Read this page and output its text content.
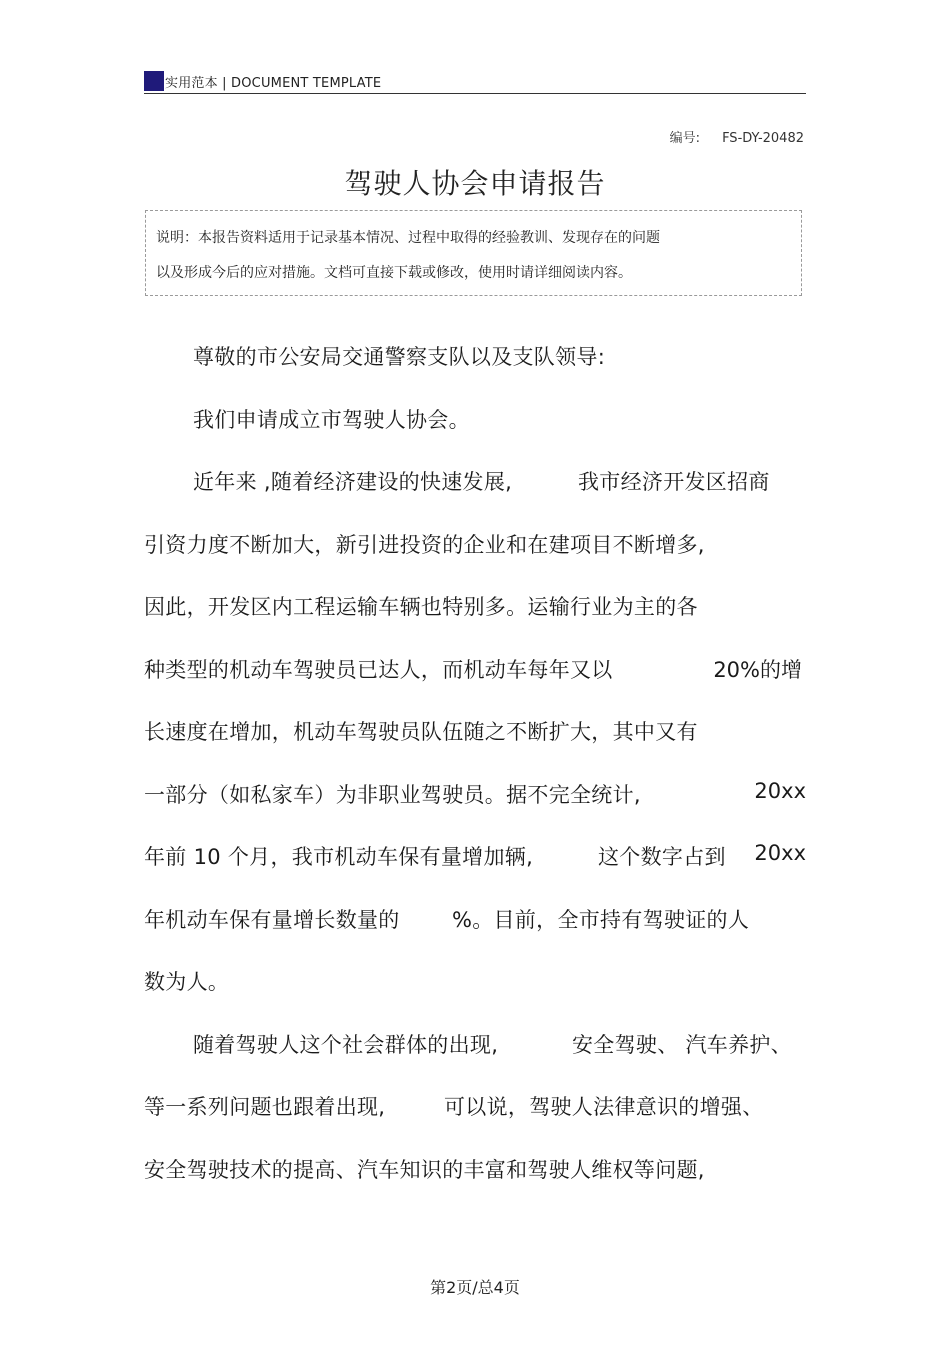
实用范本 | DOCUMENT TEMPLATE
编号: FS-DY-20482
驾驶人协会申请报告
说明：本报告资料适用于记录基本情况、过程中取得的经验教训、发现存在的问题
以及形成今后的应对措施。文档可直接下载或修改，使用时请详细阅读内容。
尊敬的市公安局交通警察支队以及支队领导:
我们申请成立市驾驶人协会。
近年来 ,随着经济建设的快速发展,	我市经济开发区招商
引资力度不断加大，新引进投资的企业和在建项目不断增多,
因此，开发区内工程运输车辆也特别多。运输行业为主的各
种类型的机动车驾驶员已达人，而机动车每年又以	20%的增
长速度在增加，机动车驾驶员队伍随之不断扩大，其中又有
一部分（如私家车）为非职业驾驶员。据不完全统计,	20xx
年前 10 个月，我市机动车保有量增加辆,	这个数字占到 20xx
年机动车保有量增长数量的 %。目前，全市持有驾驶证的人
数为人。
随着驾驶人这个社会群体的出现,	安全驾驶、 汽车养护、
等一系列问题也跟着出现,	可以说，驾驶人法律意识的增强、
安全驾驶技术的提高、汽车知识的丰富和驾驶人维权等问题,
第2页/总4页
